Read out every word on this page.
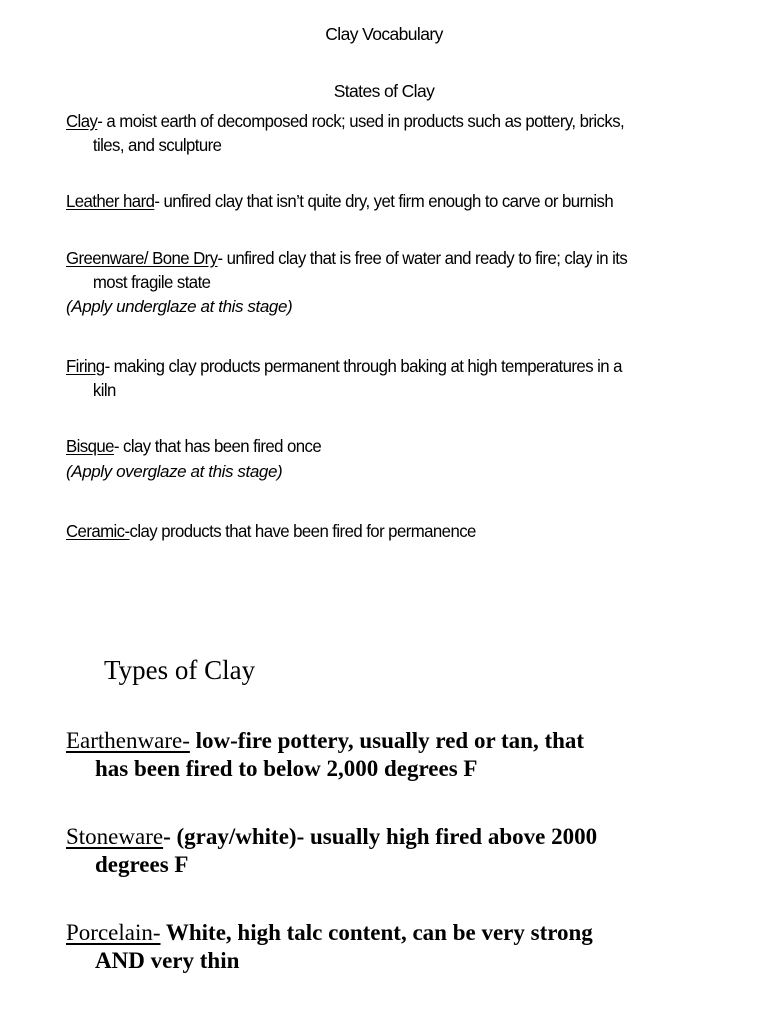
Clay Vocabulary
States of Clay
Clay- a moist earth of decomposed rock; used in products such as pottery, bricks,
tiles, and sculpture
Leather hard- unfired clay that isn’t quite dry, yet firm enough to carve or burnish
Greenware/ Bone Dry- unfired clay that is free of water and ready to fire; clay in its
most fragile state
(Apply underglaze at this stage)
Firing- making clay products permanent through baking at high temperatures in a
kiln
Bisque- clay that has been fired once
(Apply overglaze at this stage)
Ceramic-clay products that have been fired for permanence
Types of Clay
Earthenware- low-fire pottery, usually red or tan, that
has been fired to below 2,000 degrees F
Stoneware- (gray/white)- usually high fired above 2000
degrees F
Porcelain- White, high talc content, can be very strong
AND very thin
